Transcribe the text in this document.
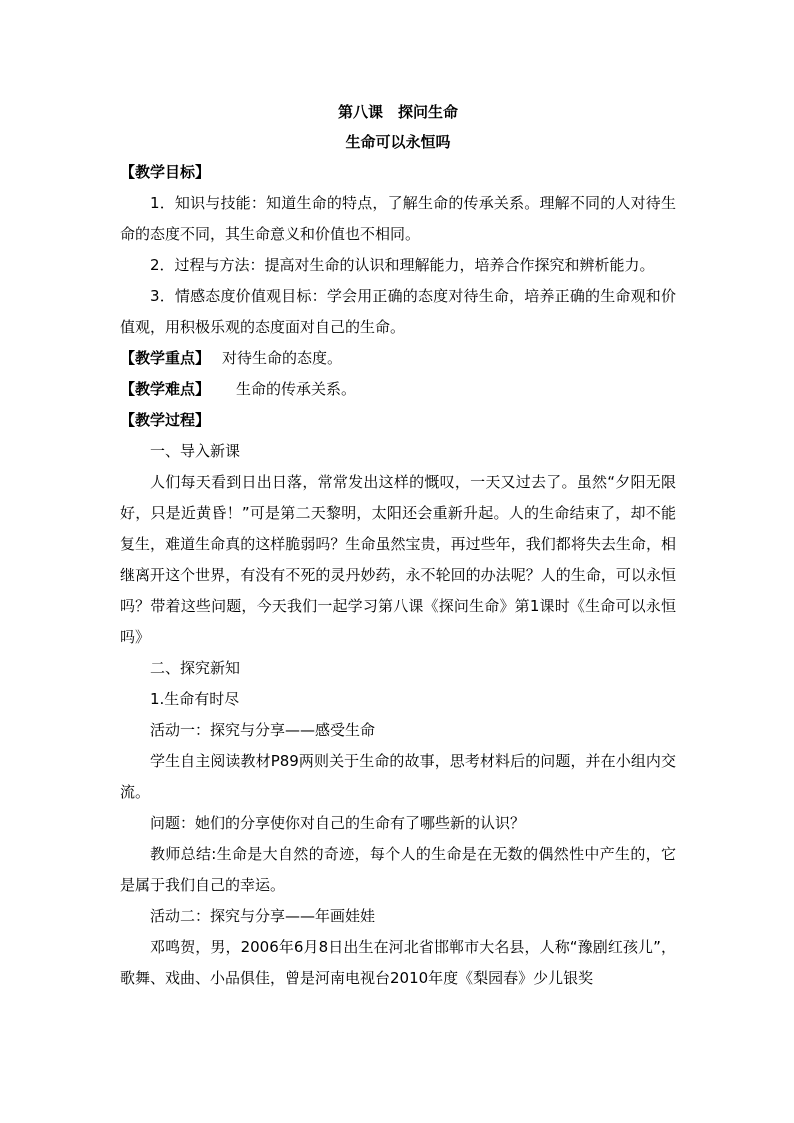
第八课　探问生命

生命可以永恒吗

【教学目标】

1．知识与技能：知道生命的特点，了解生命的传承关系。理解不同的人对待生命的态度不同，其生命意义和价值也不相同。

2．过程与方法：提高对生命的认识和理解能力，培养合作探究和辨析能力。

3．情感态度价值观目标：学会用正确的态度对待生命，培养正确的生命观和价值观，用积极乐观的态度面对自己的生命。

【教学重点】 对待生命的态度。

【教学难点】 生命的传承关系。

【教学过程】

一、导入新课

人们每天看到日出日落，常常发出这样的慨叹，一天又过去了。虽然“夕阳无限好，只是近黄昏！”可是第二天黎明，太阳还会重新升起。人的生命结束了，却不能复生，难道生命真的这样脆弱吗？生命虽然宝贵，再过些年，我们都将失去生命，相继离开这个世界，有没有不死的灵丹妙药，永不轮回的办法呢？人的生命，可以永恒吗？带着这些问题，今天我们一起学习第八课《探问生命》第1课时《生命可以永恒吗》

二、探究新知

1.生命有时尽

活动一：探究与分享——感受生命

学生自主阅读教材P89两则关于生命的故事，思考材料后的问题，并在小组内交流。

问题：她们的分享使你对自己的生命有了哪些新的认识？

教师总结:生命是大自然的奇迹，每个人的生命是在无数的偶然性中产生的，它是属于我们自己的幸运。

活动二：探究与分享——年画娃娃

邓鸣贺，男，2006年6月8日出生在河北省邯郸市大名县，人称“豫剧红孩儿”，歌舞、戏曲、小品俱佳，曾是河南电视台2010年度《梨园春》少儿银奖
